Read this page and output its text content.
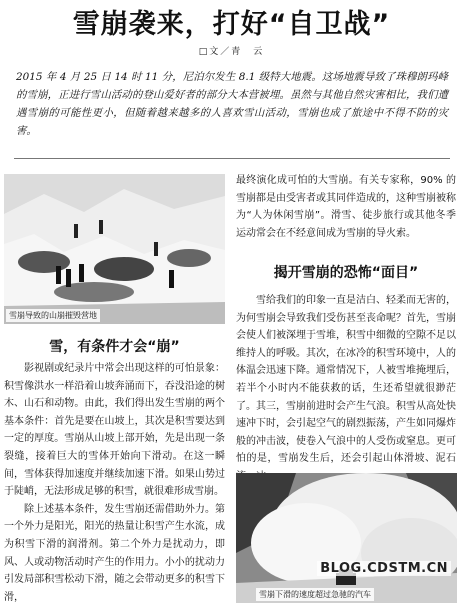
雪崩袭来，打好“自卫战”
□文／青　云
2015 年 4 月 25 日 14 时 11 分，尼泊尔发生 8.1 级特大地震。这场地震导致了珠穆朗玛峰的雪崩，正进行雪山活动的登山爱好者的部分大本营被埋。虽然与其他自然灾害相比，我们遭遇雪崩的可能性更小，但随着越来越多的人喜欢雪山活动，雪崩也成了旅途中不得不防的灾害。
雪崩导致的山崩摧毁营地
雪，有条件才会“崩”

影视剧或纪录片中常会出现这样的可怕景象：积雪像洪水一样沿着山坡奔涌而下，吞没沿途的树木、山石和动物。由此，我们得出发生雪崩的两个基本条件：首先是要在山坡上，其次是积雪要达到一定的厚度。雪崩从山坡上部开始，先是出现一条裂缝，接着巨大的雪体开始向下滑动。在这一瞬间，雪体获得加速度并继续加速下滑。如果山势过于陡峭，无法形成足够的积雪，就很难形成雪崩。

除上述基本条件，发生雪崩还需借助外力。第一个外力是阳光，阳光的热量让积雪产生水流，成为积雪下滑的润滑剂。第二个外力是扰动力，即风、人或动物活动时产生的作用力。小小的扰动力引发局部积雪松动下滑，随之会带动更多的积雪下滑，

最终演化成可怕的大雪崩。有关专家称，90% 的雪崩都是由受害者或其同伴造成的，这种雪崩被称为“人为休闲雪崩”。滑雪、徒步旅行或其他冬季运动常会在不经意间成为雪崩的导火索。

揭开雪崩的恐怖“面目”

雪给我们的印象一直是洁白、轻柔而无害的，为何雪崩会导致我们受伤甚至丧命呢？首先，雪崩会使人们被深埋于雪堆，积雪中细微的空隙不足以维持人的呼吸。其次，在冰冷的积雪环境中，人的体温会迅速下降。通常情况下，人被雪堆掩埋后，若半个小时内不能获救的话，生还希望就很渺茫了。其三，雪崩前进时会产生气浪。积雪从高处快速冲下时，会引起空气的剧烈振荡，产生如同爆炸般的冲击波，使卷入气浪中的人受伤或窒息。更可怕的是，雪崩发生后，还会引起山体滑坡、泥石

雪崩下滑的速度超过急驰的汽车
BLOG.CDSTM.CN
